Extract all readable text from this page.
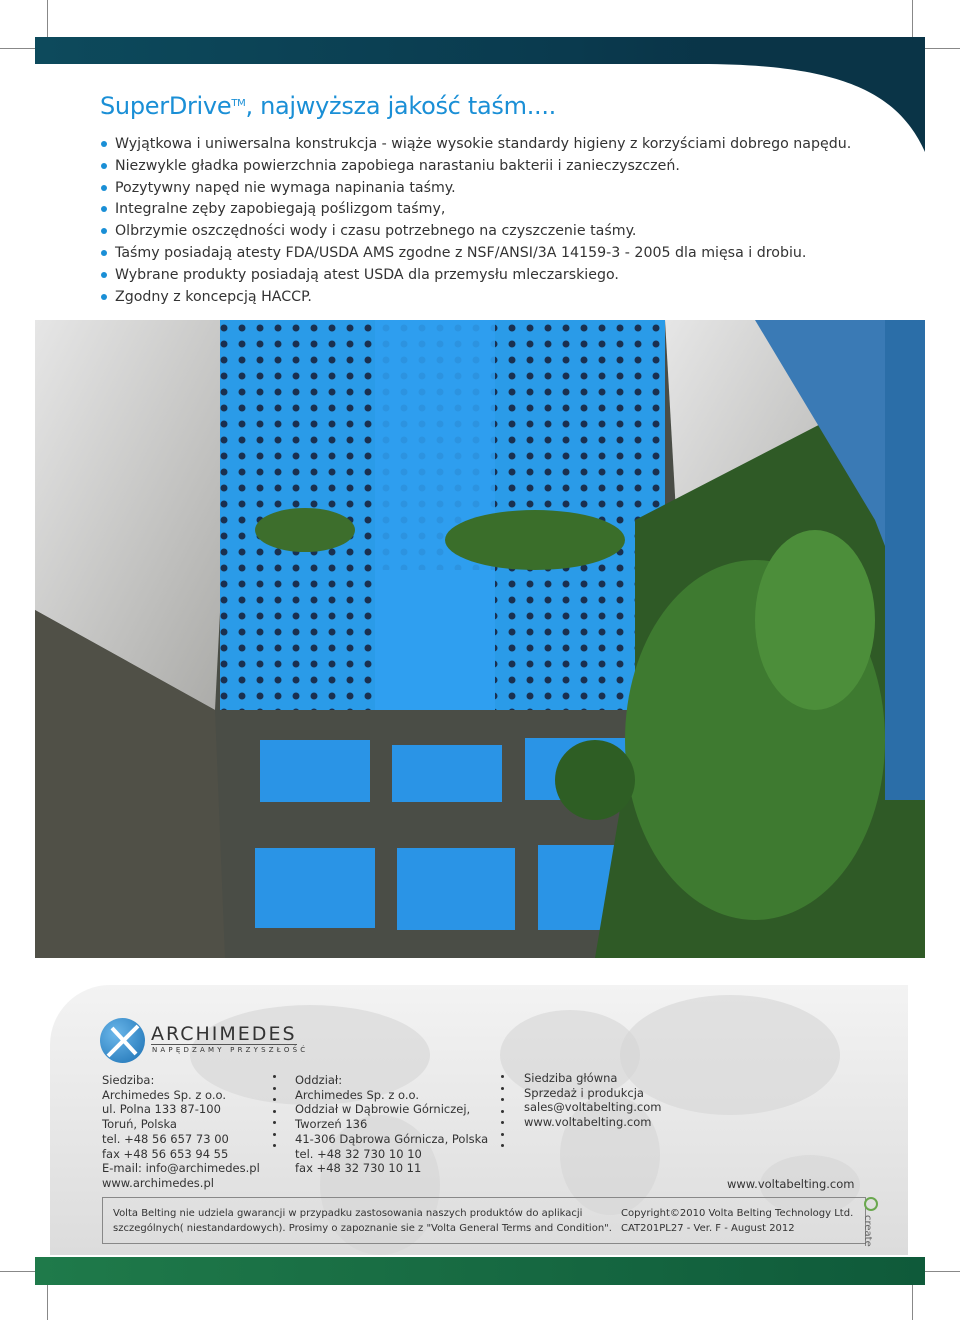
SuperDrive™, najwyższa jakość taśm....
Wyjątkowa i uniwersalna konstrukcja - wiąże wysokie standardy higieny z korzyściami dobrego napędu.
Niezwykle gładka powierzchnia zapobiega narastaniu bakterii i zanieczyszczeń.
Pozytywny napęd nie wymaga napinania taśmy.
Integralne zęby zapobiegają poślizgom taśmy,
Olbrzymie oszczędności wody i czasu potrzebnego na czyszczenie taśmy.
Taśmy posiadają atesty FDA/USDA AMS zgodne z NSF/ANSI/3A 14159-3 - 2005 dla mięsa i drobiu.
Wybrane produkty posiadają atest USDA dla przemysłu mleczarskiego.
Zgodny z koncepcją HACCP.
ARCHIMEDES
NAPĘDZAMY PRZYSZŁOŚĆ
Siedziba:
Archimedes Sp. z o.o.
ul. Polna 133 87-100
Toruń, Polska
tel. +48 56 657 73 00
fax +48 56 653 94 55
E-mail: info@archimedes.pl
www.archimedes.pl
Oddział:
Archimedes Sp. z o.o.
Oddział w Dąbrowie Górniczej,
Tworzeń 136
41-306 Dąbrowa Górnicza, Polska
tel. +48 32 730 10 10
fax +48 32 730 10 11
Siedziba główna
Sprzedaż i produkcja
sales@voltabelting.com
www.voltabelting.com
www.voltabelting.com
Volta Belting nie udziela gwarancji w przypadku zastosowania naszych produktów do aplikacji
szczególnych( niestandardowych). Prosimy o zapoznanie sie z "Volta General Terms and Condition".
Copyright©2010 Volta Belting Technology Ltd.
CAT201PL27 - Ver. F - August 2012	create
